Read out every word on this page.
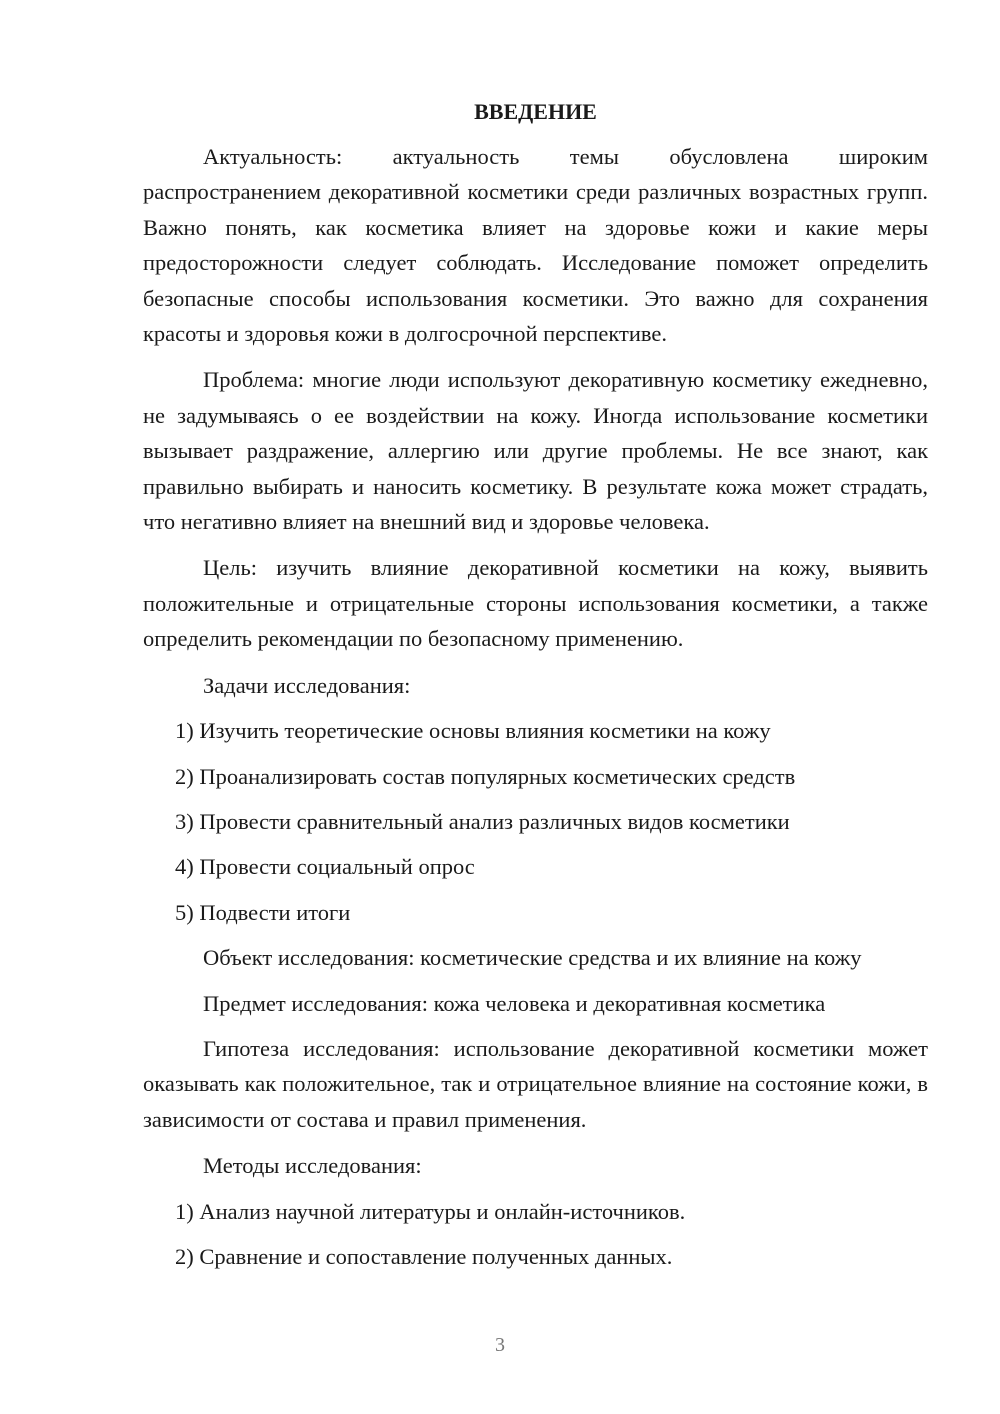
ВВЕДЕНИЕ

Актуальность: актуальность темы обусловлена широким распространением декоративной косметики среди различных возрастных групп. Важно понять, как косметика влияет на здоровье кожи и какие меры предосторожности следует соблюдать. Исследование поможет определить безопасные способы использования косметики. Это важно для сохранения красоты и здоровья кожи в долгосрочной перспективе.

Проблема: многие люди используют декоративную косметику ежедневно, не задумываясь о ее воздействии на кожу. Иногда использование косметики вызывает раздражение, аллергию или другие проблемы. Не все знают, как правильно выбирать и наносить косметику. В результате кожа может страдать, что негативно влияет на внешний вид и здоровье человека.

Цель: изучить влияние декоративной косметики на кожу, выявить положительные и отрицательные стороны использования косметики, а также определить рекомендации по безопасному применению.

Задачи исследования:

1) Изучить теоретические основы влияния косметики на кожу

2) Проанализировать состав популярных косметических средств

3) Провести сравнительный анализ различных видов косметики

4) Провести социальный опрос

5) Подвести итоги

Объект исследования: косметические средства и их влияние на кожу

Предмет исследования: кожа человека и декоративная косметика

Гипотеза исследования: использование декоративной косметики может оказывать как положительное, так и отрицательное влияние на состояние кожи, в зависимости от состава и правил применения.

Методы исследования:

1) Анализ научной литературы и онлайн-источников.

2) Сравнение и сопоставление полученных данных.

3
